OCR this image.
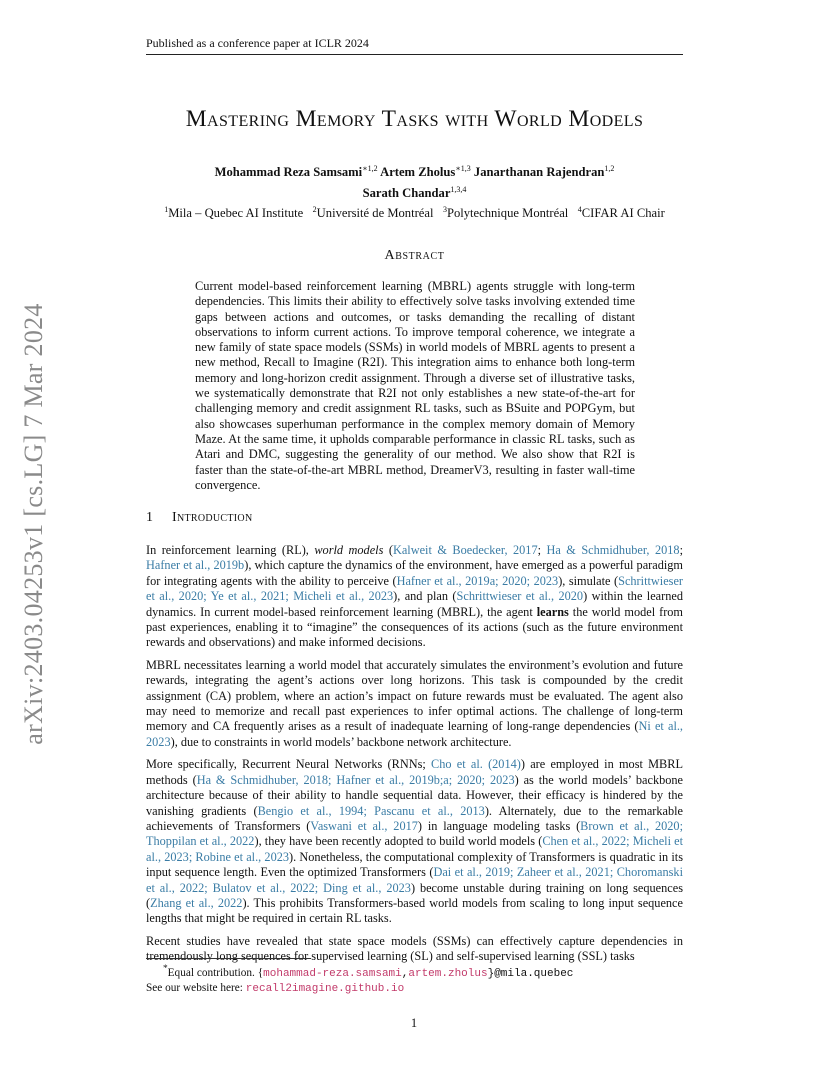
Published as a conference paper at ICLR 2024
Mastering Memory Tasks with World Models
Mohammad Reza Samsami$^{∗1,2}$ Artem Zholus$^{∗1,3}$ Janarthanan Rajendran$^{1,2}$
Sarath Chandar$^{1,3,4}$
$^1$Mila – Quebec AI Institute $^2$Université de Montréal $^3$Polytechnique Montréal $^4$CIFAR AI Chair
Abstract
Current model-based reinforcement learning (MBRL) agents struggle with long-term dependencies. This limits their ability to effectively solve tasks involving extended time gaps between actions and outcomes, or tasks demanding the recalling of distant observations to inform current actions. To improve temporal coherence, we integrate a new family of state space models (SSMs) in world models of MBRL agents to present a new method, Recall to Imagine (R2I). This integration aims to enhance both long-term memory and long-horizon credit assignment. Through a diverse set of illustrative tasks, we systematically demonstrate that R2I not only establishes a new state-of-the-art for challenging memory and credit assignment RL tasks, such as BSuite and POPGym, but also showcases superhuman performance in the complex memory domain of Memory Maze. At the same time, it upholds comparable performance in classic RL tasks, such as Atari and DMC, suggesting the generality of our method. We also show that R2I is faster than the state-of-the-art MBRL method, DreamerV3, resulting in faster wall-time convergence.
1 Introduction

In reinforcement learning (RL), world models (Kalweit & Boedecker, 2017; Ha & Schmidhuber, 2018; Hafner et al., 2019b), which capture the dynamics of the environment, have emerged as a powerful paradigm for integrating agents with the ability to perceive (Hafner et al., 2019a; 2020; 2023), simulate (Schrittwieser et al., 2020; Ye et al., 2021; Micheli et al., 2023), and plan (Schrittwieser et al., 2020) within the learned dynamics. In current model-based reinforcement learning (MBRL), the agent learns the world model from past experiences, enabling it to “imagine” the consequences of its actions (such as the future environment rewards and observations) and make informed decisions.

MBRL necessitates learning a world model that accurately simulates the environment’s evolution and future rewards, integrating the agent’s actions over long horizons. This task is compounded by the credit assignment (CA) problem, where an action’s impact on future rewards must be evaluated. The agent also may need to memorize and recall past experiences to infer optimal actions. The challenge of long-term memory and CA frequently arises as a result of inadequate learning of long-range dependencies (Ni et al., 2023), due to constraints in world models’ backbone network architecture.

More specifically, Recurrent Neural Networks (RNNs; Cho et al. (2014)) are employed in most MBRL methods (Ha & Schmidhuber, 2018; Hafner et al., 2019b;a; 2020; 2023) as the world models’ backbone architecture because of their ability to handle sequential data. However, their efficacy is hindered by the vanishing gradients (Bengio et al., 1994; Pascanu et al., 2013). Alternately, due to the remarkable achievements of Transformers (Vaswani et al., 2017) in language modeling tasks (Brown et al., 2020; Thoppilan et al., 2022), they have been recently adopted to build world models (Chen et al., 2022; Micheli et al., 2023; Robine et al., 2023). Nonetheless, the computational complexity of Transformers is quadratic in its input sequence length. Even the optimized Transformers (Dai et al., 2019; Zaheer et al., 2021; Choromanski et al., 2022; Bulatov et al., 2022; Ding et al., 2023) become unstable during training on long sequences (Zhang et al., 2022). This prohibits Transformers-based world models from scaling to long input sequence lengths that might be required in certain RL tasks.

Recent studies have revealed that state space models (SSMs) can effectively capture dependencies in tremendously long sequences for supervised learning (SL) and self-supervised learning (SSL) tasks

*Equal contribution. {mohammad-reza.samsami,artem.zholus}@mila.quebec
See our website here: recall2imagine.github.io
1
arXiv:2403.04253v1 [cs.LG] 7 Mar 2024
